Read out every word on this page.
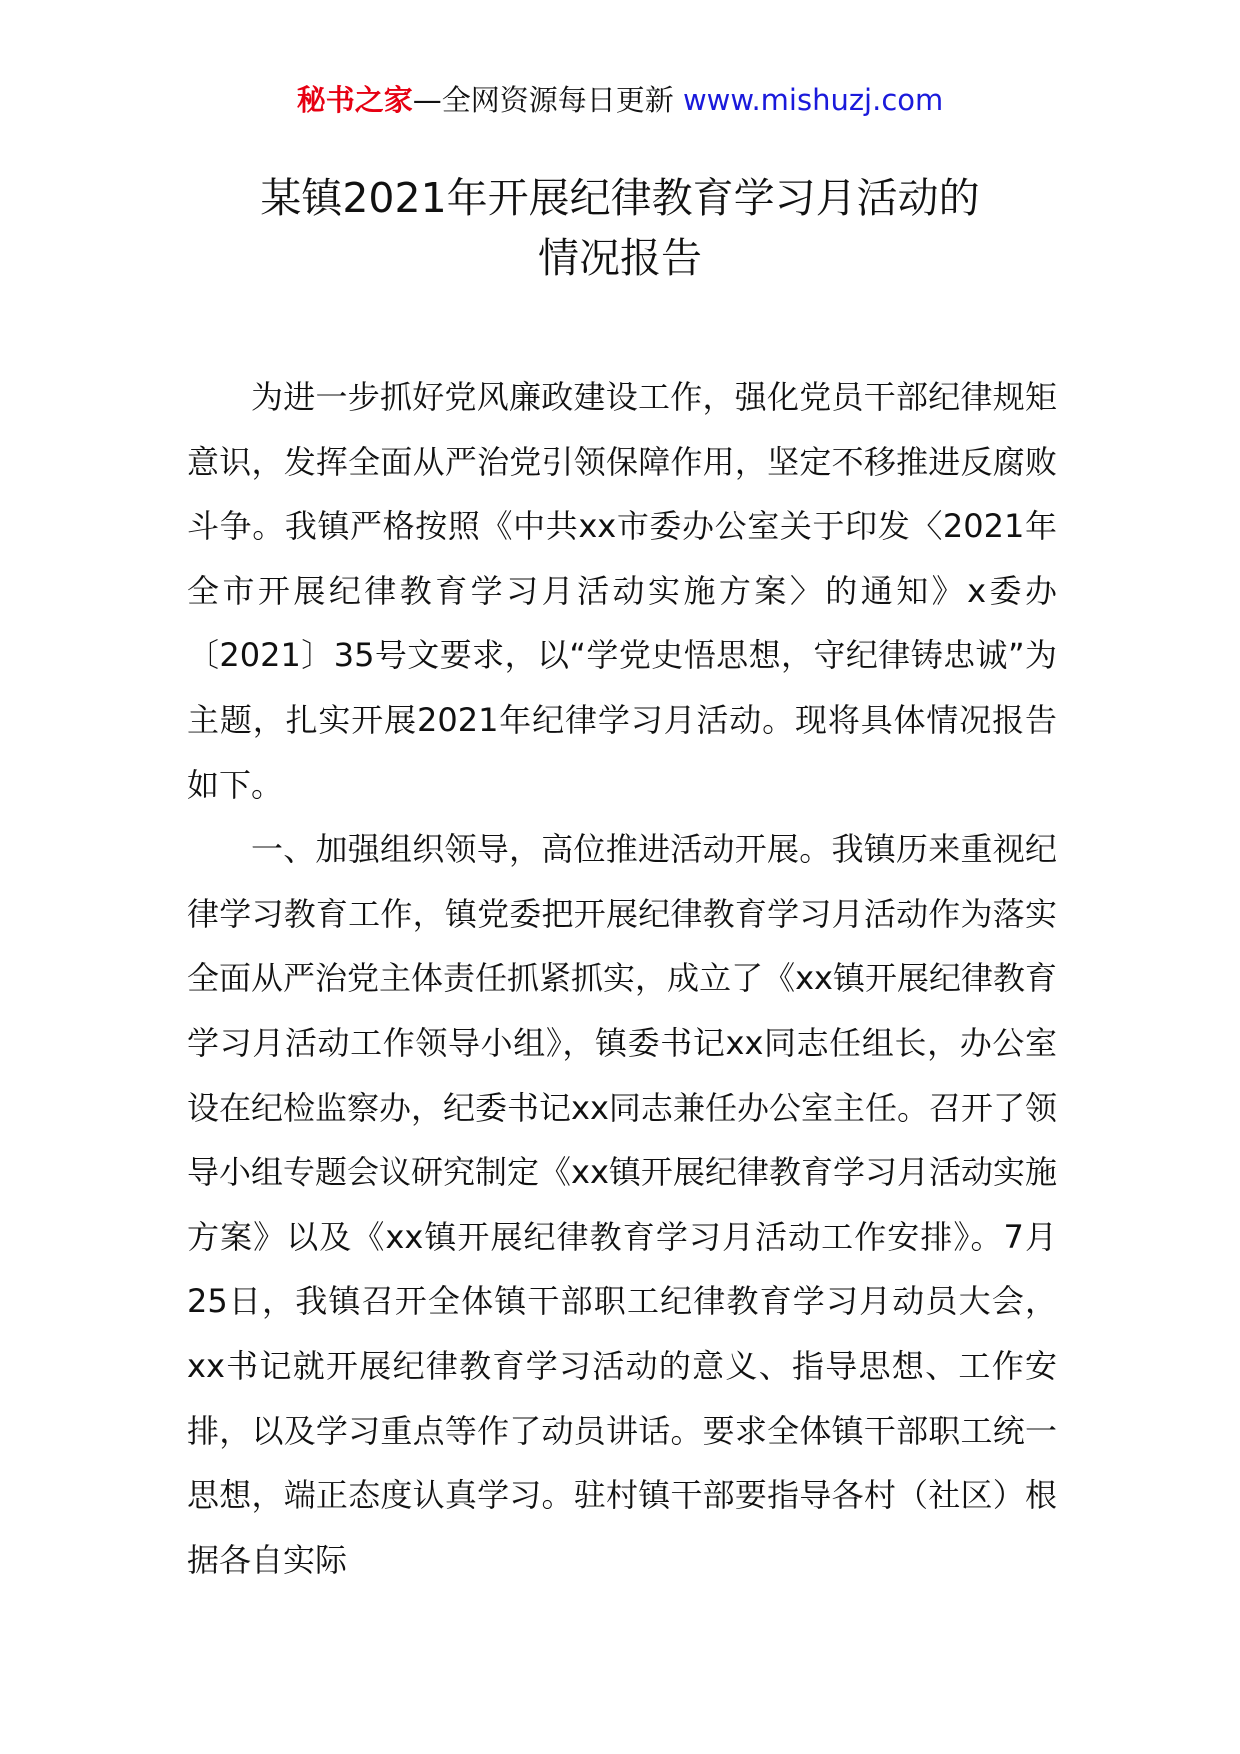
秘书之家—全网资源每日更新 www.mishuzj.com
某镇2021年开展纪律教育学习月活动的
情况报告

为进一步抓好党风廉政建设工作，强化党员干部纪律规矩意识，发挥全面从严治党引领保障作用，坚定不移推进反腐败斗争。我镇严格按照《中共xx市委办公室关于印发〈2021年全市开展纪律教育学习月活动实施方案〉的通知》x委办〔2021〕35号文要求，以“学党史悟思想，守纪律铸忠诚”为主题，扎实开展2021年纪律学习月活动。现将具体情况报告如下。

一、加强组织领导，高位推进活动开展。我镇历来重视纪律学习教育工作，镇党委把开展纪律教育学习月活动作为落实全面从严治党主体责任抓紧抓实，成立了《xx镇开展纪律教育学习月活动工作领导小组》，镇委书记xx同志任组长，办公室设在纪检监察办，纪委书记xx同志兼任办公室主任。召开了领导小组专题会议研究制定《xx镇开展纪律教育学习月活动实施方案》以及《xx镇开展纪律教育学习月活动工作安排》。7月25日，我镇召开全体镇干部职工纪律教育学习月动员大会，xx书记就开展纪律教育学习活动的意义、指导思想、工作安排，以及学习重点等作了动员讲话。要求全体镇干部职工统一思想，端正态度认真学习。驻村镇干部要指导各村（社区）根据各自实际
